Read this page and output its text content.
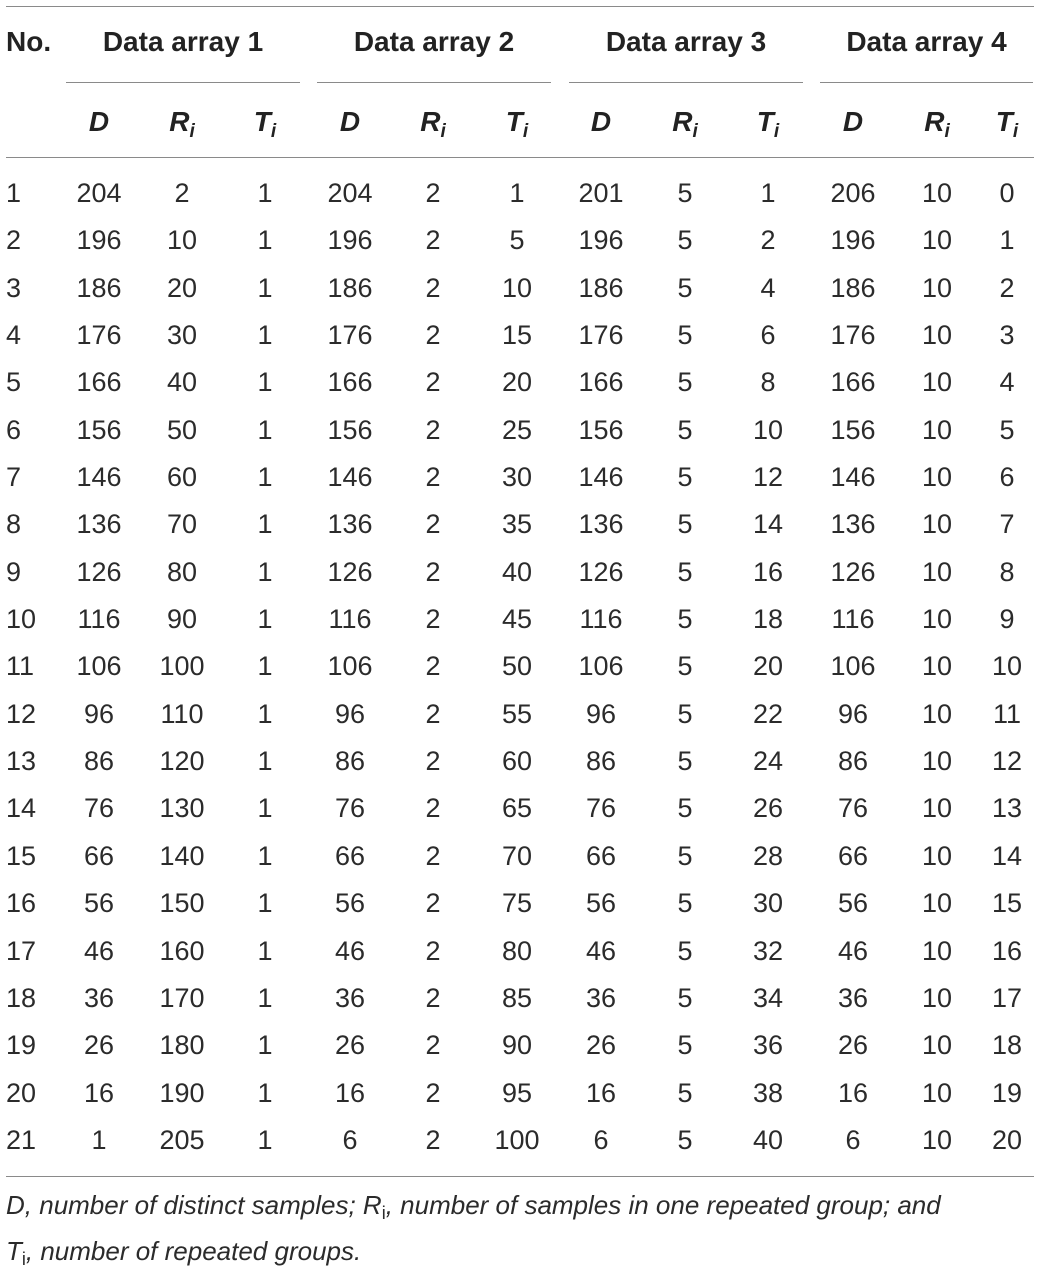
No.	Data array 1	Data array 2	Data array 3	Data array 4
D	$R_i$	$T_i$	D	$R_i$	$T_i$	D	$R_i$	$T_i$	D	$R_i$	$T_i$
1	204	2	1	204	2	1	201	5	1	206	10	0
2	196	10	1	196	2	5	196	5	2	196	10	1
3	186	20	1	186	2	10	186	5	4	186	10	2
4	176	30	1	176	2	15	176	5	6	176	10	3
5	166	40	1	166	2	20	166	5	8	166	10	4
6	156	50	1	156	2	25	156	5	10	156	10	5
7	146	60	1	146	2	30	146	5	12	146	10	6
8	136	70	1	136	2	35	136	5	14	136	10	7
9	126	80	1	126	2	40	126	5	16	126	10	8
10	116	90	1	116	2	45	116	5	18	116	10	9
11	106	100	1	106	2	50	106	5	20	106	10	10
12	96	110	1	96	2	55	96	5	22	96	10	11
13	86	120	1	86	2	60	86	5	24	86	10	12
14	76	130	1	76	2	65	76	5	26	76	10	13
15	66	140	1	66	2	70	66	5	28	66	10	14
16	56	150	1	56	2	75	56	5	30	56	10	15
17	46	160	1	46	2	80	46	5	32	46	10	16
18	36	170	1	36	2	85	36	5	34	36	10	17
19	26	180	1	26	2	90	26	5	36	26	10	18
20	16	190	1	16	2	95	16	5	38	16	10	19
21	1	205	1	6	2	100	6	5	40	6	10	20
D, number of distinct samples; Ri, number of samples in one repeated group; and
Ti, number of repeated groups.
